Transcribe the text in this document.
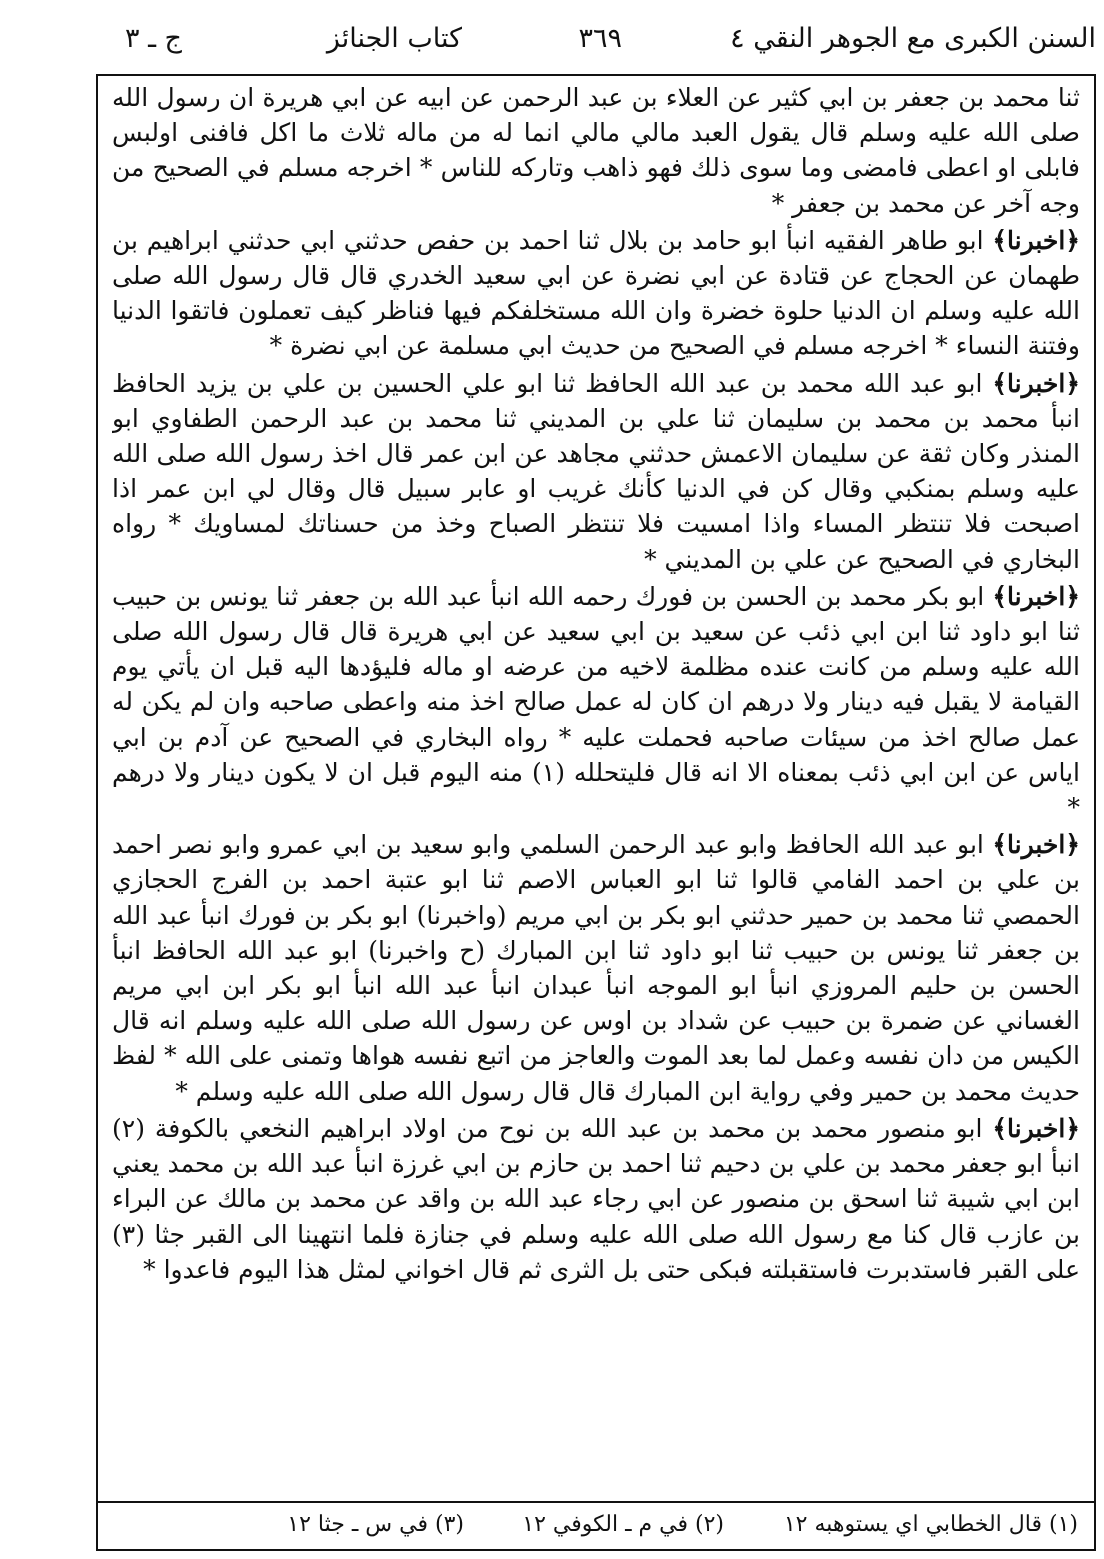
السنن الكبرى مع الجوهر النقي ٤
٣٦٩
كتاب الجنائز
ج ـ ٣

ثنا محمد بن جعفر بن ابي كثير عن العلاء بن عبد الرحمن عن ابيه عن ابي هريرة ان رسول الله صلى الله عليه وسلم قال يقول العبد مالي مالي انما له من ماله ثلاث ما اكل فافنى اولبس فابلى او اعطى فامضى وما سوى ذلك فهو ذاهب وتاركه للناس * اخرجه مسلم في الصحيح من وجه آخر عن محمد بن جعفر *

﴿اخبرنا﴾ ابو طاهر الفقيه انبأ ابو حامد بن بلال ثنا احمد بن حفص حدثني ابي حدثني ابراهيم بن طهمان عن الحجاج عن قتادة عن ابي نضرة عن ابي سعيد الخدري قال قال رسول الله صلى الله عليه وسلم ان الدنيا حلوة خضرة وان الله مستخلفكم فيها فناظر كيف تعملون فاتقوا الدنيا وفتنة النساء * اخرجه مسلم في الصحيح من حديث ابي مسلمة عن ابي نضرة *

﴿اخبرنا﴾ ابو عبد الله محمد بن عبد الله الحافظ ثنا ابو علي الحسين بن علي بن يزيد الحافظ انبأ محمد بن محمد بن سليمان ثنا علي بن المديني ثنا محمد بن عبد الرحمن الطفاوي ابو المنذر وكان ثقة عن سليمان الاعمش حدثني مجاهد عن ابن عمر قال اخذ رسول الله صلى الله عليه وسلم بمنكبي وقال كن في الدنيا كأنك غريب او عابر سبيل قال وقال لي ابن عمر اذا اصبحت فلا تنتظر المساء واذا امسيت فلا تنتظر الصباح وخذ من حسناتك لمساويك * رواه البخاري في الصحيح عن علي بن المديني *

﴿اخبرنا﴾ ابو بكر محمد بن الحسن بن فورك رحمه الله انبأ عبد الله بن جعفر ثنا يونس بن حبيب ثنا ابو داود ثنا ابن ابي ذئب عن سعيد بن ابي سعيد عن ابي هريرة قال قال رسول الله صلى الله عليه وسلم من كانت عنده مظلمة لاخيه من عرضه او ماله فليؤدها اليه قبل ان يأتي يوم القيامة لا يقبل فيه دينار ولا درهم ان كان له عمل صالح اخذ منه واعطى صاحبه وان لم يكن له عمل صالح اخذ من سيئات صاحبه فحملت عليه * رواه البخاري في الصحيح عن آدم بن ابي اياس عن ابن ابي ذئب بمعناه الا انه قال فليتحلله (١) منه اليوم قبل ان لا يكون دينار ولا درهم *

﴿اخبرنا﴾ ابو عبد الله الحافظ وابو عبد الرحمن السلمي وابو سعيد بن ابي عمرو وابو نصر احمد بن علي بن احمد الفامي قالوا ثنا ابو العباس الاصم ثنا ابو عتبة احمد بن الفرج الحجازي الحمصي ثنا محمد بن حمير حدثني ابو بكر بن ابي مريم (واخبرنا) ابو بكر بن فورك انبأ عبد الله بن جعفر ثنا يونس بن حبيب ثنا ابو داود ثنا ابن المبارك (ح واخبرنا) ابو عبد الله الحافظ انبأ الحسن بن حليم المروزي انبأ ابو الموجه انبأ عبدان انبأ عبد الله انبأ ابو بكر ابن ابي مريم الغساني عن ضمرة بن حبيب عن شداد بن اوس عن رسول الله صلى الله عليه وسلم انه قال الكيس من دان نفسه وعمل لما بعد الموت والعاجز من اتبع نفسه هواها وتمنى على الله * لفظ حديث محمد بن حمير وفي رواية ابن المبارك قال قال رسول الله صلى الله عليه وسلم *

﴿اخبرنا﴾ ابو منصور محمد بن محمد بن عبد الله بن نوح من اولاد ابراهيم النخعي بالكوفة (٢) انبأ ابو جعفر محمد بن علي بن دحيم ثنا احمد بن حازم بن ابي غرزة انبأ عبد الله بن محمد يعني ابن ابي شيبة ثنا اسحق بن منصور عن ابي رجاء عبد الله بن واقد عن محمد بن مالك عن البراء بن عازب قال كنا مع رسول الله صلى الله عليه وسلم في جنازة فلما انتهينا الى القبر جثا (٣) على القبر فاستدبرت فاستقبلته فبكى حتى بل الثرى ثم قال اخواني لمثل هذا اليوم فاعدوا *

(١) قال الخطابي اي يستوهبه ١٢
(٢) في م ـ الكوفي ١٢
(٣) في س ـ جثا ١٢
